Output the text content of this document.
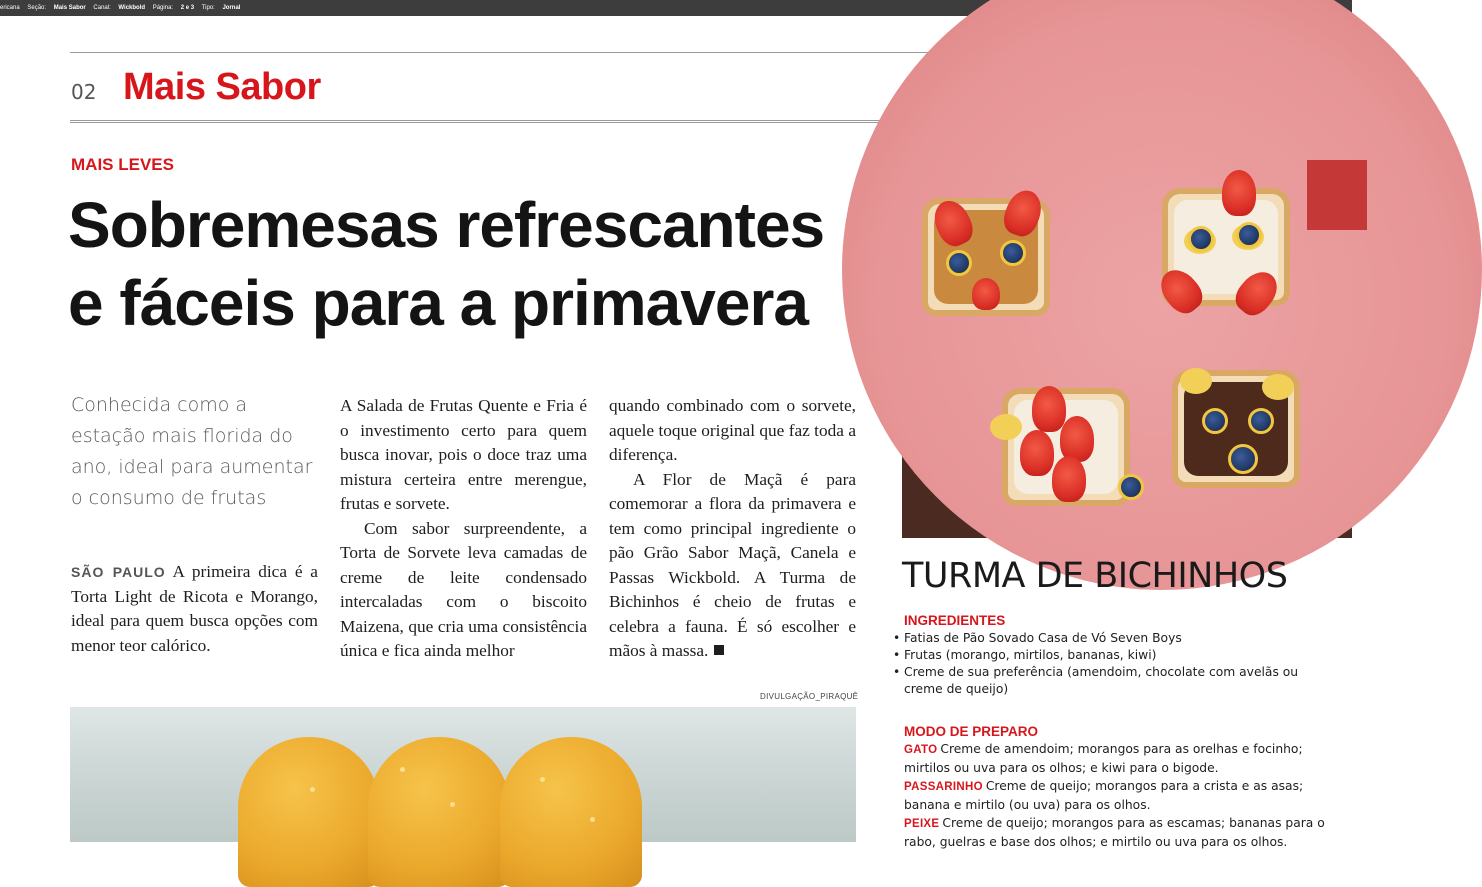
ericana Seção: Mais Sabor Canal: Wickbold Página: 2 e 3 Tipo: Jornal
02 Mais Sabor
MAIS LEVES
Sobremesas refrescantes
e fáceis para a primavera
Conhecida como a estação mais florida do ano, ideal para aumentar o consumo de frutas

SÃO PAULO A primeira dica é a Torta Light de Ricota e Morango, ideal para quem busca opções com menor teor calórico.

A Salada de Frutas Quente e Fria é o investimento certo para quem busca inovar, pois o doce traz uma mistura certeira entre merengue, frutas e sorvete.

Com sabor surpreendente, a Torta de Sorvete leva camadas de creme de leite condensado intercaladas com o biscoito Maizena, que cria uma consistência única e fica ainda melhor

quando combinado com o sorvete, aquele toque original que faz toda a diferença.

A Flor de Maçã é para comemorar a flora da primavera e tem como principal ingrediente o pão Grão Sabor Maçã, Canela e Passas Wickbold. A Turma de Bichinhos é cheio de frutas e celebra a fauna. É só escolher e mãos à massa.

DIVULGAÇÃO_PIRAQUÊ
TURMA DE BICHINHOS
INGREDIENTES
• Fatias de Pão Sovado Casa de Vó Seven Boys
• Frutas (morango, mirtilos, bananas, kiwi)
• Creme de sua preferência (amendoim, chocolate com avelãs ou creme de queijo)
MODO DE PREPARO
GATO Creme de amendoim; morangos para as orelhas e focinho; mirtilos ou uva para os olhos; e kiwi para o bigode.
PASSARINHO Creme de queijo; morangos para a crista e as asas; banana e mirtilo (ou uva) para os olhos.
PEIXE Creme de queijo; morangos para as escamas; bananas para o rabo, guelras e base dos olhos; e mirtilo ou uva para os olhos.
